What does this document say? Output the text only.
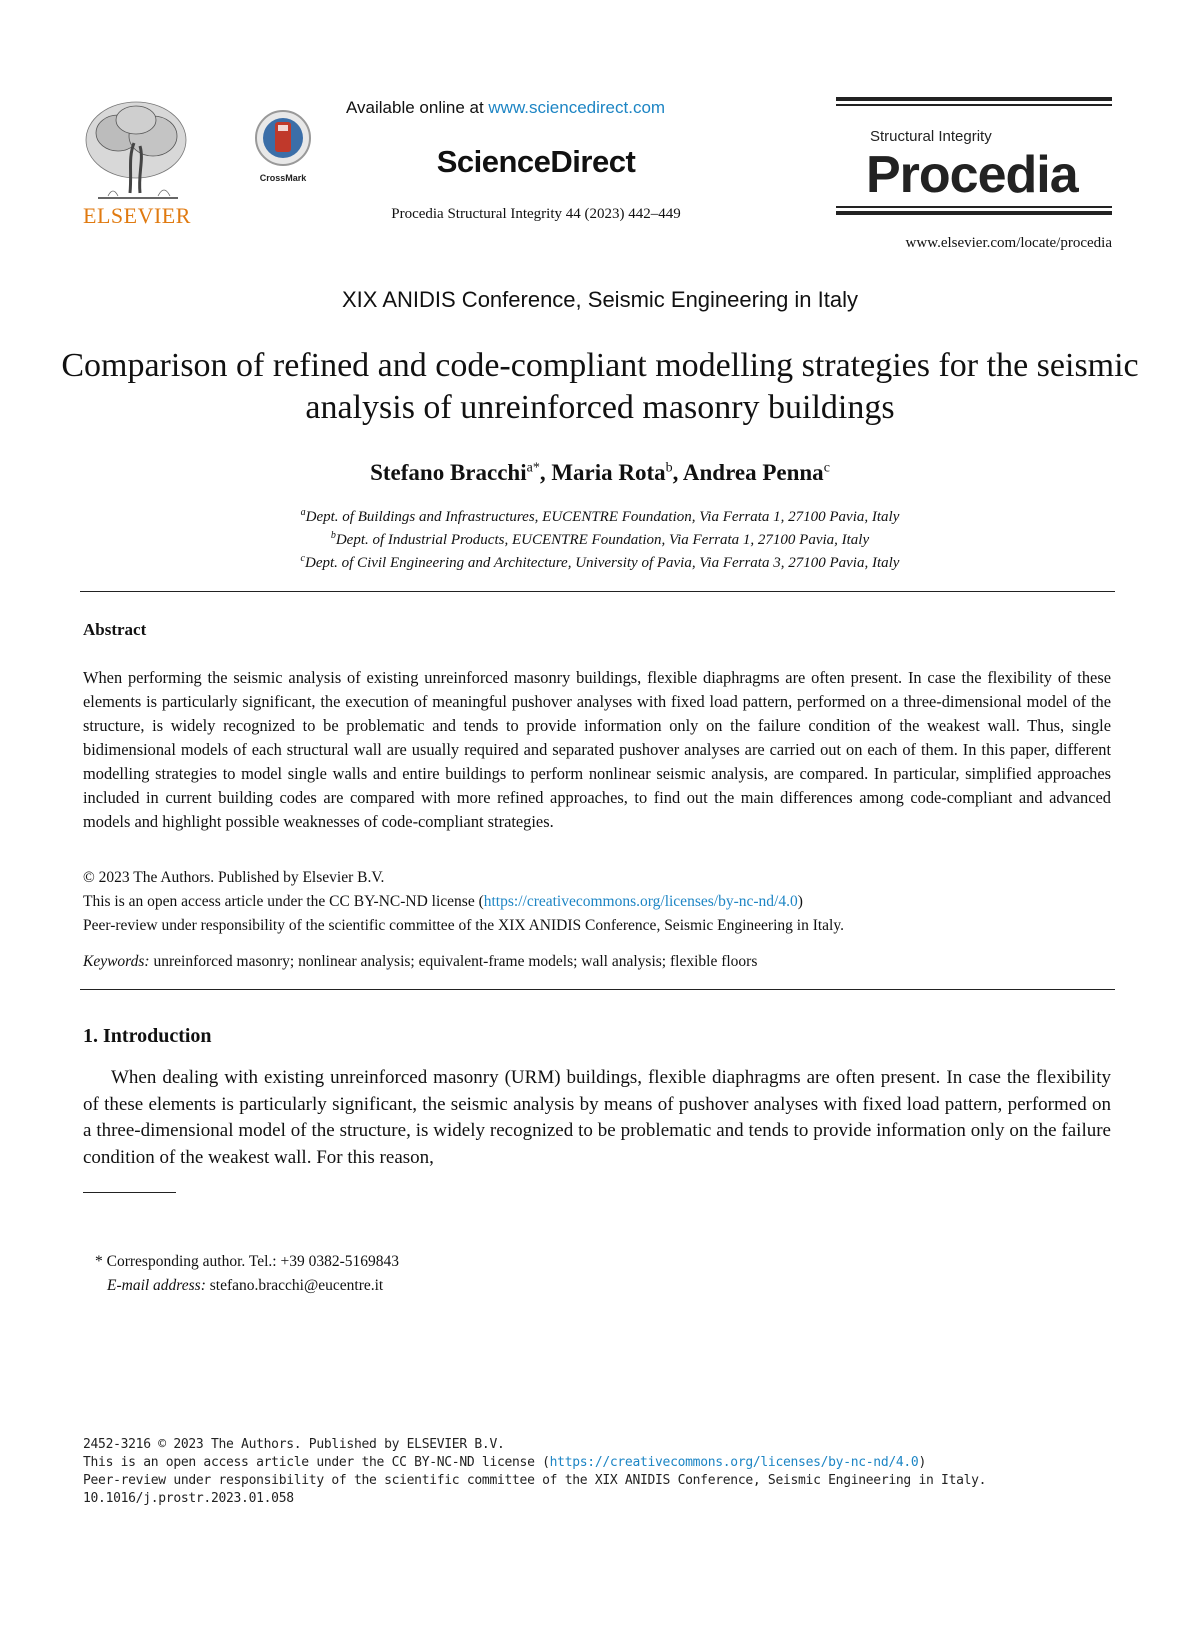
ELSEVIER
CrossMark
Available online at www.sciencedirect.com
ScienceDirect
Procedia Structural Integrity 44 (2023) 442–449
Structural Integrity
Procedia
www.elsevier.com/locate/procedia
XIX ANIDIS Conference, Seismic Engineering in Italy
Comparison of refined and code-compliant modelling strategies for the seismic analysis of unreinforced masonry buildings
Stefano Bracchi$^{a*}$, Maria Rota$^b$, Andrea Penna$^c$
$^a$Dept. of Buildings and Infrastructures, EUCENTRE Foundation, Via Ferrata 1, 27100 Pavia, Italy
$^b$Dept. of Industrial Products, EUCENTRE Foundation, Via Ferrata 1, 27100 Pavia, Italy
$^c$Dept. of Civil Engineering and Architecture, University of Pavia, Via Ferrata 3, 27100 Pavia, Italy
Abstract
When performing the seismic analysis of existing unreinforced masonry buildings, flexible diaphragms are often present. In case the flexibility of these elements is particularly significant, the execution of meaningful pushover analyses with fixed load pattern, performed on a three-dimensional model of the structure, is widely recognized to be problematic and tends to provide information only on the failure condition of the weakest wall. Thus, single bidimensional models of each structural wall are usually required and separated pushover analyses are carried out on each of them. In this paper, different modelling strategies to model single walls and entire buildings to perform nonlinear seismic analysis, are compared. In particular, simplified approaches included in current building codes are compared with more refined approaches, to find out the main differences among code-compliant and advanced models and highlight possible weaknesses of code-compliant strategies.
© 2023 The Authors. Published by Elsevier B.V.
This is an open access article under the CC BY-NC-ND license (https://creativecommons.org/licenses/by-nc-nd/4.0)
Peer-review under responsibility of the scientific committee of the XIX ANIDIS Conference, Seismic Engineering in Italy.
Keywords: unreinforced masonry; nonlinear analysis; equivalent-frame models; wall analysis; flexible floors
1. Introduction
When dealing with existing unreinforced masonry (URM) buildings, flexible diaphragms are often present. In case the flexibility of these elements is particularly significant, the seismic analysis by means of pushover analyses with fixed load pattern, performed on a three-dimensional model of the structure, is widely recognized to be problematic and tends to provide information only on the failure condition of the weakest wall. For this reason,
* Corresponding author. Tel.: +39 0382-5169843
E-mail address: stefano.bracchi@eucentre.it
2452-3216 © 2023 The Authors. Published by ELSEVIER B.V.
This is an open access article under the CC BY-NC-ND license (https://creativecommons.org/licenses/by-nc-nd/4.0)
Peer-review under responsibility of the scientific committee of the XIX ANIDIS Conference, Seismic Engineering in Italy.
10.1016/j.prostr.2023.01.058
